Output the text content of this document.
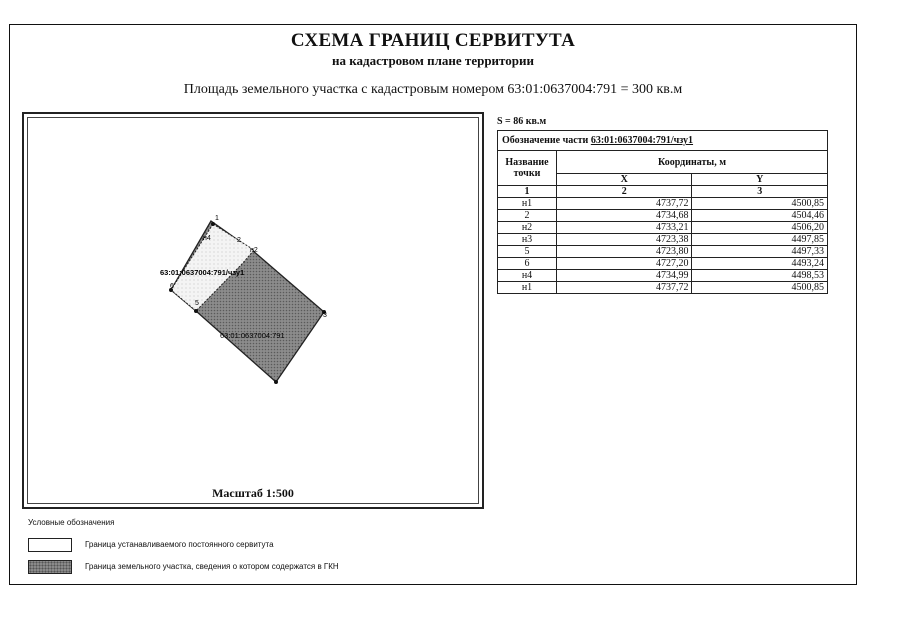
СХЕМА ГРАНИЦ СЕРВИТУТА
на кадастровом плане территории
Площадь земельного участка с кадастровым номером 63:01:0637004:791 = 300 кв.м
1
н4	2
н2
3
5
6
63:01:0637004:791/чзу1
63:01:0637004:791
Масштаб 1:500
S = 86 кв.м
Обозначение части 63:01:0637004:791/чзу1		
Название точки	Координаты, м	
	X	Y
1	2	3
н1	4737,72	4500,85
2	4734,68	4504,46
н2	4733,21	4506,20
н3	4723,38	4497,85
5	4723,80	4497,33
6	4727,20	4493,24
н4	4734,99	4498,53
н1	4737,72	4500,85
Условные обозначения
Граница устанавливаемого постоянного сервитута
Граница земельного участка, сведения о котором содержатся в ГКН
